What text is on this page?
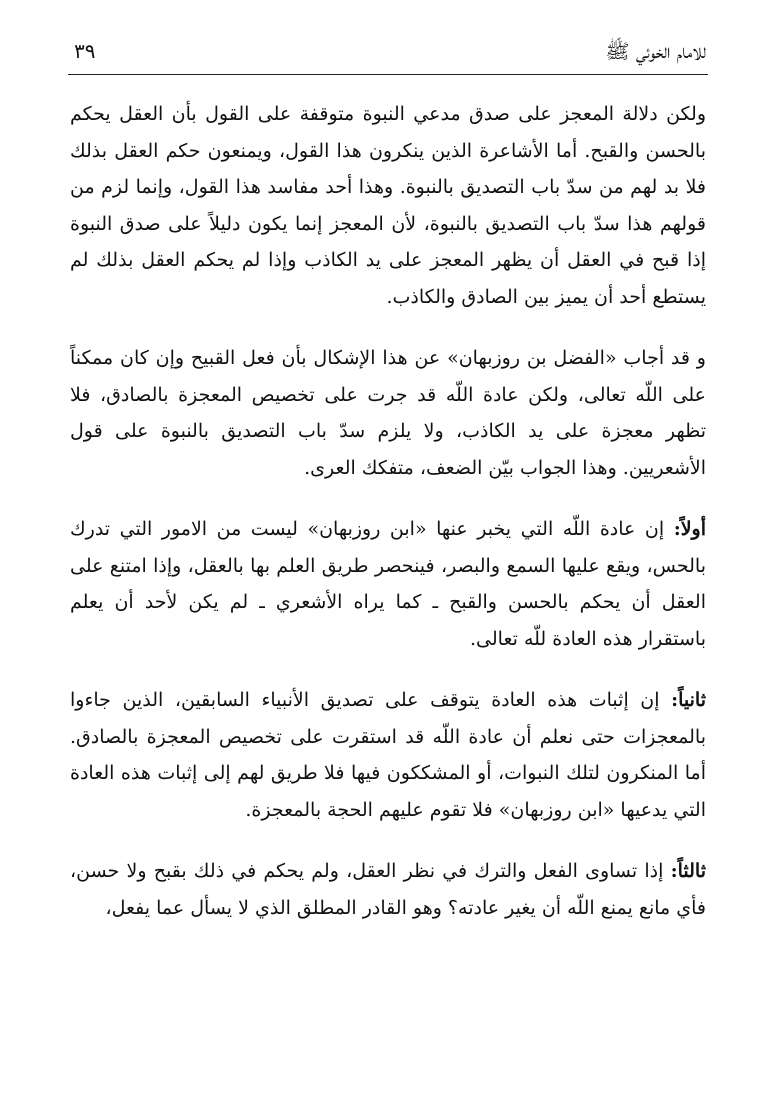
للامام الخوئي ﷺ
٣٩

ولكن دلالة المعجز على صدق مدعي النبوة متوقفة على القول بأن العقل يحكم بالحسن والقبح. أما الأشاعرة الذين ينكرون هذا القول، ويمنعون حكم العقل بذلك فلا بد لهم من سدّ باب التصديق بالنبوة. وهذا أحد مفاسد هذا القول، وإنما لزم من قولهم هذا سدّ باب التصديق بالنبوة، لأن المعجز إنما يكون دليلاً على صدق النبوة إذا قبح في العقل أن يظهر المعجز على يد الكاذب وإذا لم يحكم العقل بذلك لم يستطع أحد أن يميز بين الصادق والكاذب.

و قد أجاب «الفضل بن روزبهان» عن هذا الإشكال بأن فعل القبيح وإن كان ممكناً على اللّه تعالى، ولكن عادة اللّه قد جرت على تخصيص المعجزة بالصادق، فلا تظهر معجزة على يد الكاذب، ولا يلزم سدّ باب التصديق بالنبوة على قول الأشعريين. وهذا الجواب بيّن الضعف، متفكك العرى.

أولاً: إن عادة اللّه التي يخبر عنها «ابن روزبهان» ليست من الامور التي تدرك بالحس، ويقع عليها السمع والبصر، فينحصر طريق العلم بها بالعقل، وإذا امتنع على العقل أن يحكم بالحسن والقبح ـ كما يراه الأشعري ـ لم يكن لأحد أن يعلم باستقرار هذه العادة للّه تعالى.

ثانياً: إن إثبات هذه العادة يتوقف على تصديق الأنبياء السابقين، الذين جاءوا بالمعجزات حتى نعلم أن عادة اللّه قد استقرت على تخصيص المعجزة بالصادق. أما المنكرون لتلك النبوات، أو المشككون فيها فلا طريق لهم إلى إثبات هذه العادة التي يدعيها «ابن روزبهان» فلا تقوم عليهم الحجة بالمعجزة.

ثالثاً: إذا تساوى الفعل والترك في نظر العقل، ولم يحكم في ذلك بقبح ولا حسن، فأي مانع يمنع اللّه أن يغير عادته؟ وهو القادر المطلق الذي لا يسأل عما يفعل،
